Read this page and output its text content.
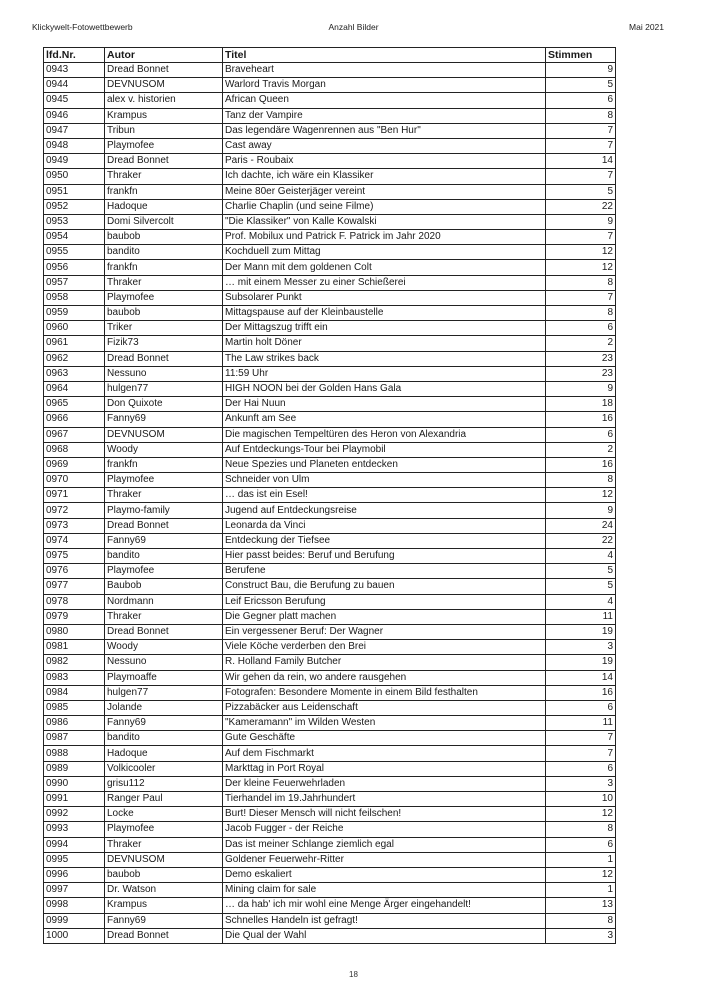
Klickywelt-Fotowettbewerb	Anzahl Bilder	Mai 2021
lfd.Nr.	Autor	Titel	Stimmen
0943	Dread Bonnet	Braveheart	9
0944	DEVNUSOM	Warlord Travis Morgan	5
0945	alex v. historien	African Queen	6
0946	Krampus	Tanz der Vampire	8
0947	Tribun	Das legendäre Wagenrennen aus "Ben Hur"	7
0948	Playmofee	Cast away	7
0949	Dread Bonnet	Paris - Roubaix	14
0950	Thraker	Ich dachte, ich wäre ein Klassiker	7
0951	frankfn	Meine 80er Geisterjäger vereint	5
0952	Hadoque	Charlie Chaplin (und seine Filme)	22
0953	Domi Silvercolt	"Die Klassiker" von Kalle Kowalski	9
0954	baubob	Prof. Mobilux und Patrick F. Patrick im Jahr 2020	7
0955	bandito	Kochduell zum Mittag	12
0956	frankfn	Der Mann mit dem goldenen Colt	12
0957	Thraker	… mit einem Messer zu einer Schießerei	8
0958	Playmofee	Subsolarer Punkt	7
0959	baubob	Mittagspause auf der Kleinbaustelle	8
0960	Triker	Der Mittagszug trifft ein	6
0961	Fizik73	Martin holt Döner	2
0962	Dread Bonnet	The Law strikes back	23
0963	Nessuno	11:59 Uhr	23
0964	hulgen77	HIGH NOON bei der Golden Hans Gala	9
0965	Don Quixote	Der Hai Nuun	18
0966	Fanny69	Ankunft am See	16
0967	DEVNUSOM	Die magischen Tempeltüren des Heron von Alexandria	6
0968	Woody	Auf Entdeckungs-Tour bei Playmobil	2
0969	frankfn	Neue Spezies und Planeten entdecken	16
0970	Playmofee	Schneider von Ulm	8
0971	Thraker	… das ist ein Esel!	12
0972	Playmo-family	Jugend auf Entdeckungsreise	9
0973	Dread Bonnet	Leonarda da Vinci	24
0974	Fanny69	Entdeckung der Tiefsee	22
0975	bandito	Hier passt beides: Beruf und Berufung	4
0976	Playmofee	Berufene	5
0977	Baubob	Construct Bau, die Berufung zu bauen	5
0978	Nordmann	Leif Ericsson Berufung	4
0979	Thraker	Die Gegner platt machen	11
0980	Dread Bonnet	Ein vergessener Beruf: Der Wagner	19
0981	Woody	Viele Köche verderben den Brei	3
0982	Nessuno	R. Holland Family Butcher	19
0983	Playmoaffe	Wir gehen da rein, wo andere rausgehen	14
0984	hulgen77	Fotografen: Besondere Momente in einem Bild festhalten	16
0985	Jolande	Pizzabäcker aus Leidenschaft	6
0986	Fanny69	"Kameramann" im Wilden Westen	11
0987	bandito	Gute Geschäfte	7
0988	Hadoque	Auf dem Fischmarkt	7
0989	Volkicooler	Markttag in Port Royal	6
0990	grisu112	Der kleine Feuerwehrladen	3
0991	Ranger Paul	Tierhandel im 19.Jahrhundert	10
0992	Locke	Burt! Dieser Mensch will nicht feilschen!	12
0993	Playmofee	Jacob Fugger - der Reiche	8
0994	Thraker	Das ist meiner Schlange ziemlich egal	6
0995	DEVNUSOM	Goldener Feuerwehr-Ritter	1
0996	baubob	Demo eskaliert	12
0997	Dr. Watson	Mining claim for sale	1
0998	Krampus	… da hab' ich mir wohl eine Menge Ärger eingehandelt!	13
0999	Fanny69	Schnelles Handeln ist gefragt!	8
1000	Dread Bonnet	Die Qual der Wahl	3
18
